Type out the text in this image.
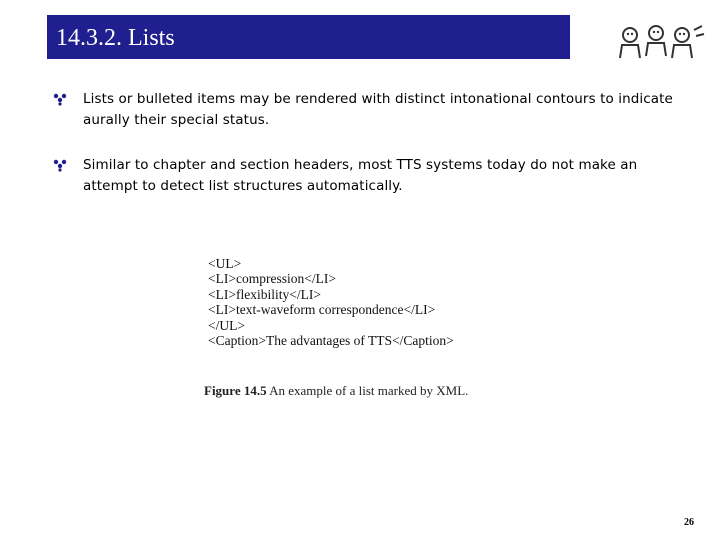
14.3.2. Lists
Lists or bulleted items may be rendered with distinct intonational contours to indicate aurally their special status.
Similar to chapter and section headers, most TTS systems today do not make an attempt to detect list structures automatically.

<UL>

<LI>compression</LI>

<LI>flexibility</LI>

<LI>text-waveform correspondence</LI>

</UL>

<Caption>The advantages of TTS</Caption>

Figure 14.5 An example of a list marked by XML.
26
